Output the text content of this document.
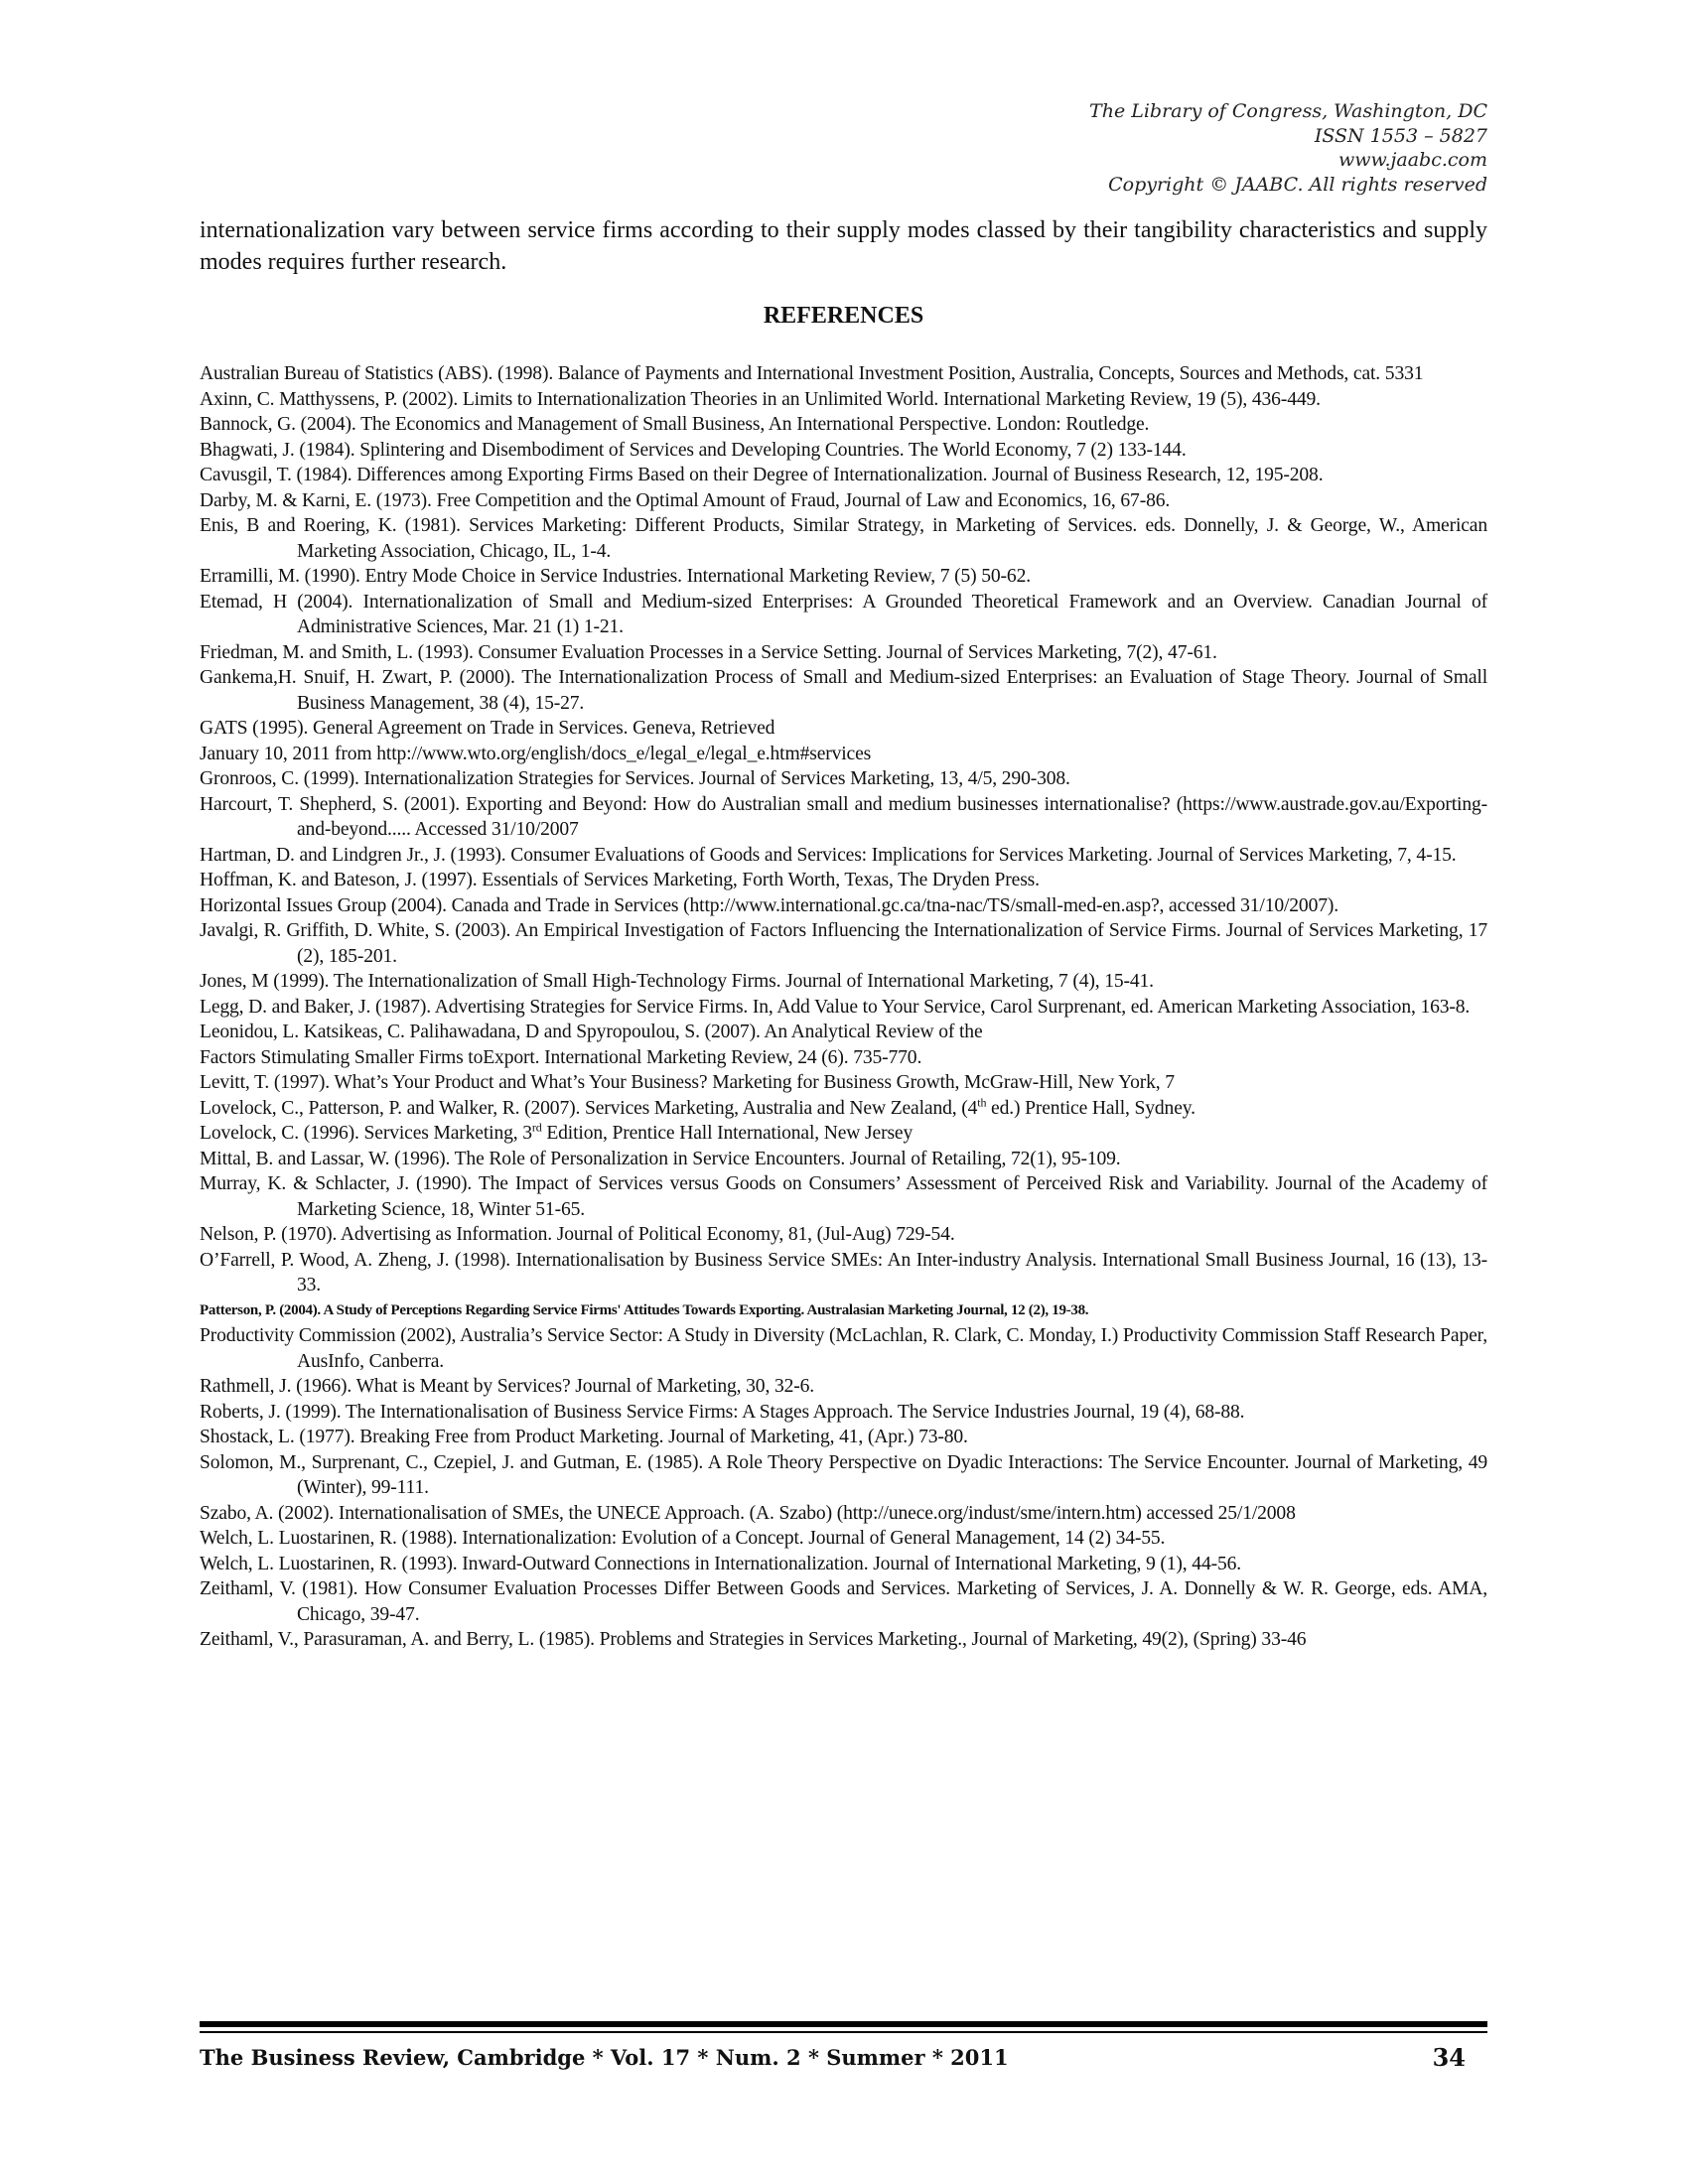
The Library of Congress, Washington, DC
ISSN 1553 – 5827
www.jaabc.com
Copyright © JAABC. All rights reserved

internationalization vary between service firms according to their supply modes classed by their tangibility characteristics and supply modes requires further research.

REFERENCES
Australian Bureau of Statistics (ABS). (1998). Balance of Payments and International Investment Position, Australia, Concepts, Sources and Methods, cat. 5331
Axinn, C. Matthyssens, P. (2002). Limits to Internationalization Theories in an Unlimited World. International Marketing Review, 19 (5), 436-449.
Bannock, G. (2004). The Economics and Management of Small Business, An International Perspective. London: Routledge.
Bhagwati, J. (1984). Splintering and Disembodiment of Services and Developing Countries. The World Economy, 7 (2) 133-144.
Cavusgil, T. (1984). Differences among Exporting Firms Based on their Degree of Internationalization. Journal of Business Research, 12, 195-208.
Darby, M. & Karni, E. (1973). Free Competition and the Optimal Amount of Fraud, Journal of Law and Economics, 16, 67-86.
Enis, B and Roering, K. (1981). Services Marketing: Different Products, Similar Strategy, in Marketing of Services. eds. Donnelly, J. & George, W., American Marketing Association, Chicago, IL, 1-4.
Erramilli, M. (1990). Entry Mode Choice in Service Industries. International Marketing Review, 7 (5) 50-62.
Etemad, H (2004). Internationalization of Small and Medium-sized Enterprises: A Grounded Theoretical Framework and an Overview. Canadian Journal of Administrative Sciences, Mar. 21 (1) 1-21.
Friedman, M. and Smith, L. (1993). Consumer Evaluation Processes in a Service Setting. Journal of Services Marketing, 7(2), 47-61.
Gankema,H. Snuif, H. Zwart, P. (2000). The Internationalization Process of Small and Medium-sized Enterprises: an Evaluation of Stage Theory. Journal of Small Business Management, 38 (4), 15-27.
GATS (1995). General Agreement on Trade in Services. Geneva, Retrieved
January 10, 2011 from http://www.wto.org/english/docs_e/legal_e/legal_e.htm#services
Gronroos, C. (1999). Internationalization Strategies for Services. Journal of Services Marketing, 13, 4/5, 290-308.
Harcourt, T. Shepherd, S. (2001). Exporting and Beyond: How do Australian small and medium businesses internationalise? (https://www.austrade.gov.au/Exporting-and-beyond..... Accessed 31/10/2007
Hartman, D. and Lindgren Jr., J. (1993). Consumer Evaluations of Goods and Services: Implications for Services Marketing. Journal of Services Marketing, 7, 4-15.
Hoffman, K. and Bateson, J. (1997). Essentials of Services Marketing, Forth Worth, Texas, The Dryden Press.
Horizontal Issues Group (2004). Canada and Trade in Services (http://www.international.gc.ca/tna-nac/TS/small-med-en.asp?, accessed 31/10/2007).
Javalgi, R. Griffith, D. White, S. (2003). An Empirical Investigation of Factors Influencing the Internationalization of Service Firms. Journal of Services Marketing, 17 (2), 185-201.
Jones, M (1999). The Internationalization of Small High-Technology Firms. Journal of International Marketing, 7 (4), 15-41.
Legg, D. and Baker, J. (1987). Advertising Strategies for Service Firms. In, Add Value to Your Service, Carol Surprenant, ed. American Marketing Association, 163-8.
Leonidou, L. Katsikeas, C. Palihawadana, D and Spyropoulou, S. (2007). An Analytical Review of the
Factors Stimulating Smaller Firms toExport. International Marketing Review, 24 (6). 735-770.
Levitt, T. (1997). What’s Your Product and What’s Your Business? Marketing for Business Growth, McGraw-Hill, New York, 7
Lovelock, C., Patterson, P. and Walker, R. (2007). Services Marketing, Australia and New Zealand, (4th ed.) Prentice Hall, Sydney.
Lovelock, C. (1996). Services Marketing, 3rd Edition, Prentice Hall International, New Jersey
Mittal, B. and Lassar, W. (1996). The Role of Personalization in Service Encounters. Journal of Retailing, 72(1), 95-109.
Murray, K. & Schlacter, J. (1990). The Impact of Services versus Goods on Consumers’ Assessment of Perceived Risk and Variability. Journal of the Academy of Marketing Science, 18, Winter 51-65.
Nelson, P. (1970). Advertising as Information. Journal of Political Economy, 81, (Jul-Aug) 729-54.
O’Farrell, P. Wood, A. Zheng, J. (1998). Internationalisation by Business Service SMEs: An Inter-industry Analysis. International Small Business Journal, 16 (13), 13-33.
Patterson, P. (2004). A Study of Perceptions Regarding Service Firms' Attitudes Towards Exporting. Australasian Marketing Journal, 12 (2), 19-38.
Productivity Commission (2002), Australia’s Service Sector: A Study in Diversity (McLachlan, R. Clark, C. Monday, I.) Productivity Commission Staff Research Paper, AusInfo, Canberra.
Rathmell, J. (1966). What is Meant by Services? Journal of Marketing, 30, 32-6.
Roberts, J. (1999). The Internationalisation of Business Service Firms: A Stages Approach. The Service Industries Journal, 19 (4), 68-88.
Shostack, L. (1977). Breaking Free from Product Marketing. Journal of Marketing, 41, (Apr.) 73-80.
Solomon, M., Surprenant, C., Czepiel, J. and Gutman, E. (1985). A Role Theory Perspective on Dyadic Interactions: The Service Encounter. Journal of Marketing, 49 (Winter), 99-111.
Szabo, A. (2002). Internationalisation of SMEs, the UNECE Approach. (A. Szabo) (http://unece.org/indust/sme/intern.htm) accessed 25/1/2008
Welch, L. Luostarinen, R. (1988). Internationalization: Evolution of a Concept. Journal of General Management, 14 (2) 34-55.
Welch, L. Luostarinen, R. (1993). Inward-Outward Connections in Internationalization. Journal of International Marketing, 9 (1), 44-56.
Zeithaml, V. (1981). How Consumer Evaluation Processes Differ Between Goods and Services. Marketing of Services, J. A. Donnelly & W. R. George, eds. AMA, Chicago, 39-47.
Zeithaml, V., Parasuraman, A. and Berry, L. (1985). Problems and Strategies in Services Marketing., Journal of Marketing, 49(2), (Spring) 33-46
The Business Review, Cambridge * Vol. 17 * Num. 2 * Summer * 2011	34
